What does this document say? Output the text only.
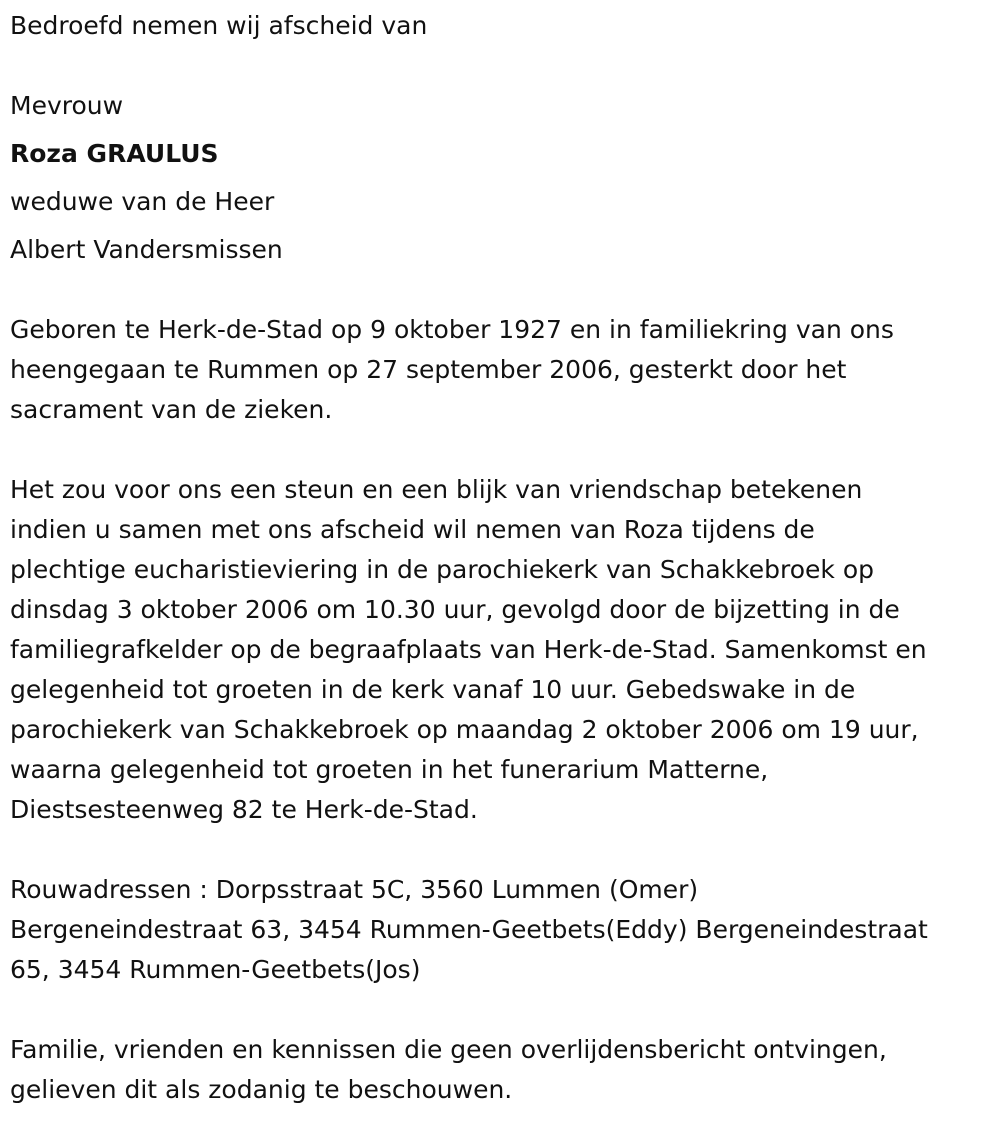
Bedroefd nemen wij afscheid van

Mevrouw

Roza GRAULUS

weduwe van de Heer

Albert Vandersmissen

Geboren te Herk-de-Stad op 9 oktober 1927 en in familiekring van ons
heengegaan te Rummen op 27 september 2006, gesterkt door het
sacrament van de zieken.
Het zou voor ons een steun en een blijk van vriendschap betekenen
indien u samen met ons afscheid wil nemen van Roza tijdens de
plechtige eucharistieviering in de parochiekerk van Schakkebroek op
dinsdag 3 oktober 2006 om 10.30 uur, gevolgd door de bijzetting in de
familiegrafkelder op de begraafplaats van Herk-de-Stad. Samenkomst en
gelegenheid tot groeten in de kerk vanaf 10 uur. Gebedswake in de
parochiekerk van Schakkebroek op maandag 2 oktober 2006 om 19 uur,
waarna gelegenheid tot groeten in het funerarium Matterne,
Diestsesteenweg 82 te Herk-de-Stad.
Rouwadressen : Dorpsstraat 5C, 3560 Lummen (Omer)
Bergeneindestraat 63, 3454 Rummen-Geetbets(Eddy) Bergeneindestraat
65, 3454 Rummen-Geetbets(Jos)
Familie, vrienden en kennissen die geen overlijdensbericht ontvingen,
gelieven dit als zodanig te beschouwen.
